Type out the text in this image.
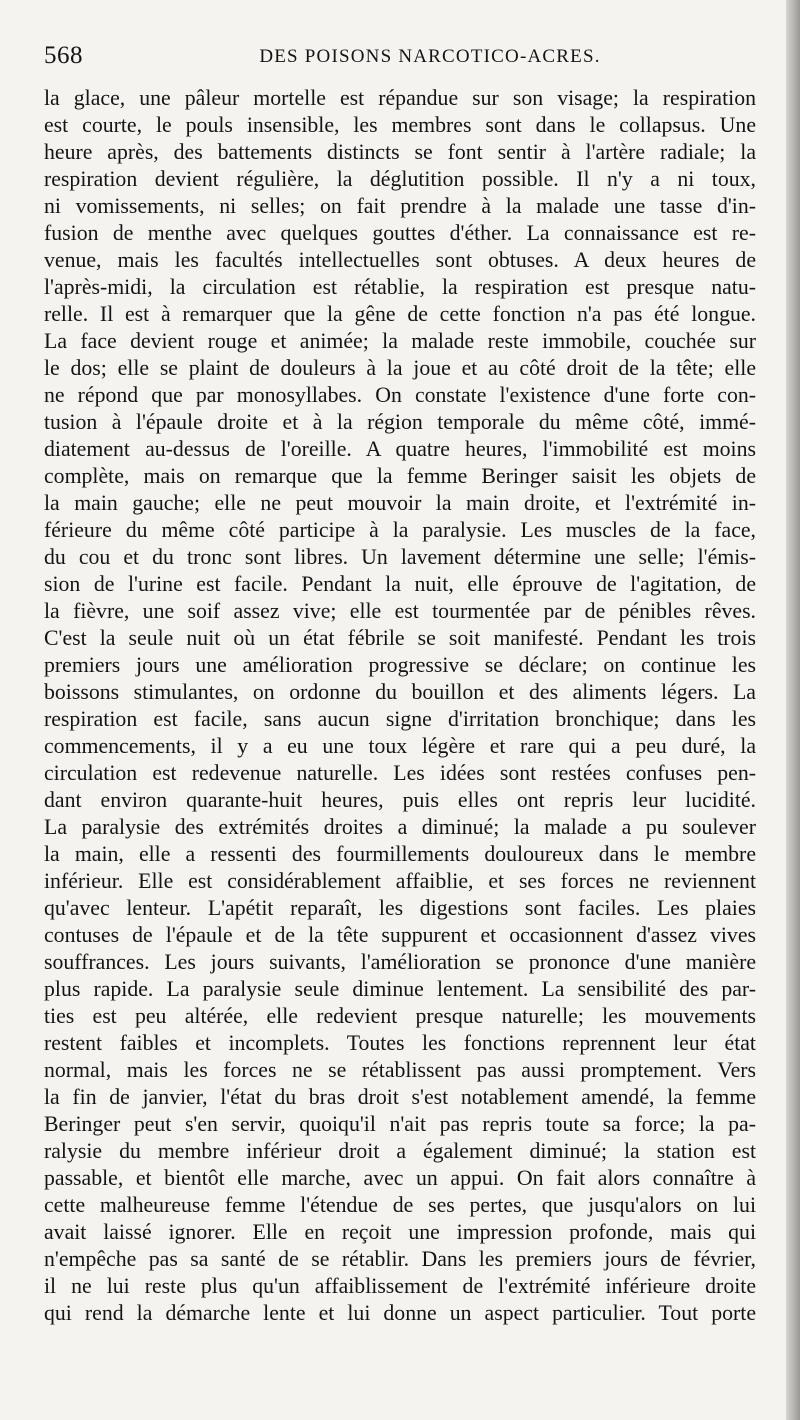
568	DES POISONS NARCOTICO-ACRES.
la glace, une pâleur mortelle est répandue sur son visage; la respiration
est courte, le pouls insensible, les membres sont dans le collapsus. Une
heure après, des battements distincts se font sentir à l'artère radiale; la
respiration devient régulière, la déglutition possible. Il n'y a ni toux,
ni vomissements, ni selles; on fait prendre à la malade une tasse d'in-
fusion de menthe avec quelques gouttes d'éther. La connaissance est re-
venue, mais les facultés intellectuelles sont obtuses. A deux heures de
l'après-midi, la circulation est rétablie, la respiration est presque natu-
relle. Il est à remarquer que la gêne de cette fonction n'a pas été longue.
La face devient rouge et animée; la malade reste immobile, couchée sur
le dos; elle se plaint de douleurs à la joue et au côté droit de la tête; elle
ne répond que par monosyllabes. On constate l'existence d'une forte con-
tusion à l'épaule droite et à la région temporale du même côté, immé-
diatement au-dessus de l'oreille. A quatre heures, l'immobilité est moins
complète, mais on remarque que la femme Beringer saisit les objets de
la main gauche; elle ne peut mouvoir la main droite, et l'extrémité in-
férieure du même côté participe à la paralysie. Les muscles de la face,
du cou et du tronc sont libres. Un lavement détermine une selle; l'émis-
sion de l'urine est facile. Pendant la nuit, elle éprouve de l'agitation, de
la fièvre, une soif assez vive; elle est tourmentée par de pénibles rêves.
C'est la seule nuit où un état fébrile se soit manifesté. Pendant les trois
premiers jours une amélioration progressive se déclare; on continue les
boissons stimulantes, on ordonne du bouillon et des aliments légers. La
respiration est facile, sans aucun signe d'irritation bronchique; dans les
commencements, il y a eu une toux légère et rare qui a peu duré, la
circulation est redevenue naturelle. Les idées sont restées confuses pen-
dant environ quarante-huit heures, puis elles ont repris leur lucidité.
La paralysie des extrémités droites a diminué; la malade a pu soulever
la main, elle a ressenti des fourmillements douloureux dans le membre
inférieur. Elle est considérablement affaiblie, et ses forces ne reviennent
qu'avec lenteur. L'apétit reparaît, les digestions sont faciles. Les plaies
contuses de l'épaule et de la tête suppurent et occasionnent d'assez vives
souffrances. Les jours suivants, l'amélioration se prononce d'une manière
plus rapide. La paralysie seule diminue lentement. La sensibilité des par-
ties est peu altérée, elle redevient presque naturelle; les mouvements
restent faibles et incomplets. Toutes les fonctions reprennent leur état
normal, mais les forces ne se rétablissent pas aussi promptement. Vers
la fin de janvier, l'état du bras droit s'est notablement amendé, la femme
Beringer peut s'en servir, quoiqu'il n'ait pas repris toute sa force; la pa-
ralysie du membre inférieur droit a également diminué; la station est
passable, et bientôt elle marche, avec un appui. On fait alors connaître à
cette malheureuse femme l'étendue de ses pertes, que jusqu'alors on lui
avait laissé ignorer. Elle en reçoit une impression profonde, mais qui
n'empêche pas sa santé de se rétablir. Dans les premiers jours de février,
il ne lui reste plus qu'un affaiblissement de l'extrémité inférieure droite
qui rend la démarche lente et lui donne un aspect particulier. Tout porte
